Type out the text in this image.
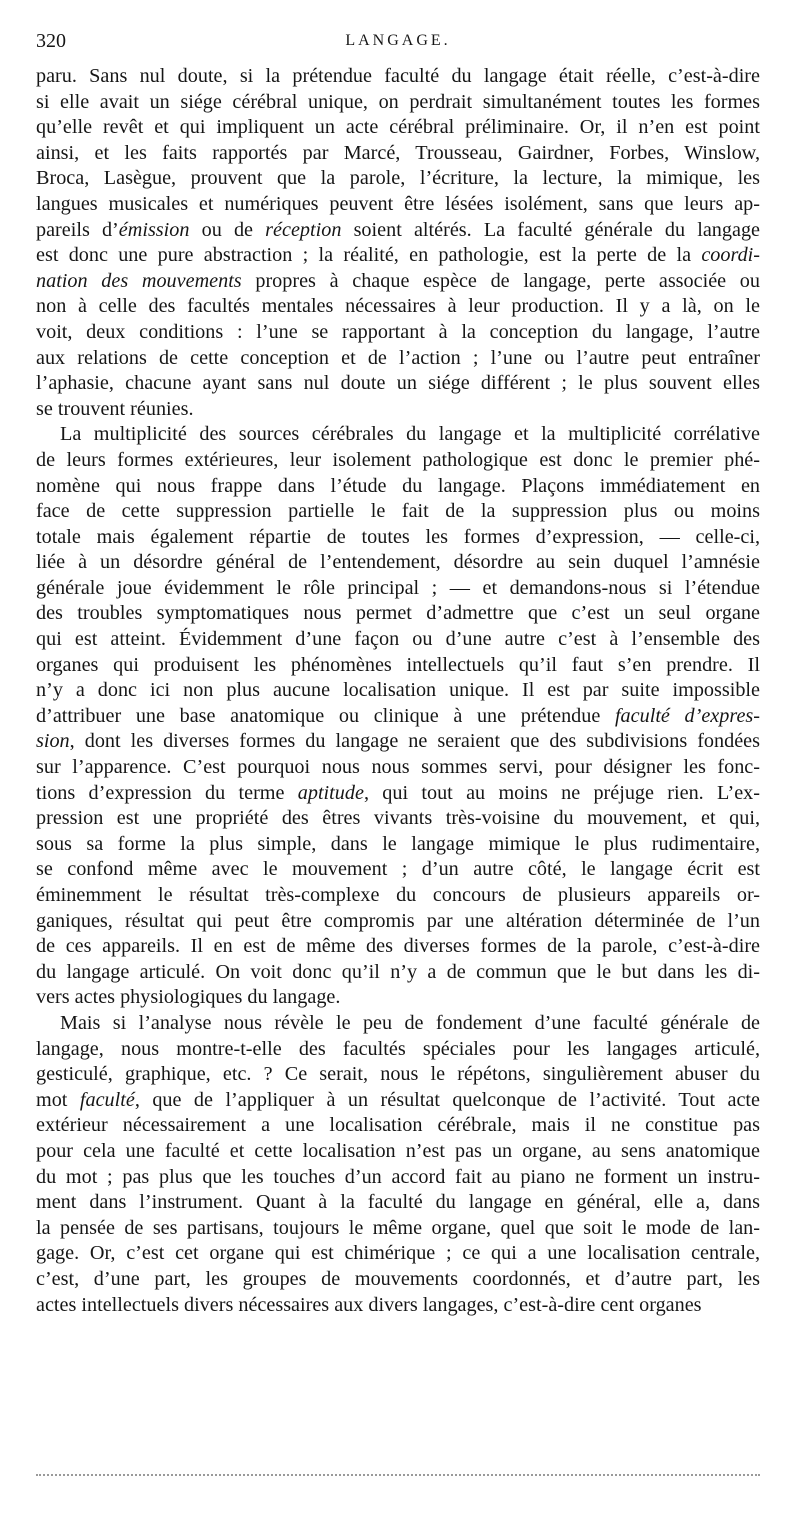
320	LANGAGE.
paru. Sans nul doute, si la prétendue faculté du langage était réelle, c’est-à-dire
si elle avait un siége cérébral unique, on perdrait simultanément toutes les formes
qu’elle revêt et qui impliquent un acte cérébral préliminaire. Or, il n’en est point
ainsi, et les faits rapportés par Marcé, Trousseau, Gairdner, Forbes, Winslow,
Broca, Lasègue, prouvent que la parole, l’écriture, la lecture, la mimique, les
langues musicales et numériques peuvent être lésées isolément, sans que leurs ap-
pareils d’émission ou de réception soient altérés. La faculté générale du langage
est donc une pure abstraction ; la réalité, en pathologie, est la perte de la coordi-
nation des mouvements propres à chaque espèce de langage, perte associée ou
non à celle des facultés mentales nécessaires à leur production. Il y a là, on le
voit, deux conditions : l’une se rapportant à la conception du langage, l’autre
aux relations de cette conception et de l’action ; l’une ou l’autre peut entraîner
l’aphasie, chacune ayant sans nul doute un siége différent ; le plus souvent elles
se trouvent réunies.
La multiplicité des sources cérébrales du langage et la multiplicité corrélative
de leurs formes extérieures, leur isolement pathologique est donc le premier phé-
nomène qui nous frappe dans l’étude du langage. Plaçons immédiatement en
face de cette suppression partielle le fait de la suppression plus ou moins
totale mais également répartie de toutes les formes d’expression, — celle-ci,
liée à un désordre général de l’entendement, désordre au sein duquel l’amnésie
générale joue évidemment le rôle principal ; — et demandons-nous si l’étendue
des troubles symptomatiques nous permet d’admettre que c’est un seul organe
qui est atteint. Évidemment d’une façon ou d’une autre c’est à l’ensemble des
organes qui produisent les phénomènes intellectuels qu’il faut s’en prendre. Il
n’y a donc ici non plus aucune localisation unique. Il est par suite impossible
d’attribuer une base anatomique ou clinique à une prétendue faculté d’expres-
sion, dont les diverses formes du langage ne seraient que des subdivisions fondées
sur l’apparence. C’est pourquoi nous nous sommes servi, pour désigner les fonc-
tions d’expression du terme aptitude, qui tout au moins ne préjuge rien. L’ex-
pression est une propriété des êtres vivants très-voisine du mouvement, et qui,
sous sa forme la plus simple, dans le langage mimique le plus rudimentaire,
se confond même avec le mouvement ; d’un autre côté, le langage écrit est
éminemment le résultat très-complexe du concours de plusieurs appareils or-
ganiques, résultat qui peut être compromis par une altération déterminée de l’un
de ces appareils. Il en est de même des diverses formes de la parole, c’est-à-dire
du langage articulé. On voit donc qu’il n’y a de commun que le but dans les di-
vers actes physiologiques du langage.
Mais si l’analyse nous révèle le peu de fondement d’une faculté générale de
langage, nous montre-t-elle des facultés spéciales pour les langages articulé,
gesticulé, graphique, etc. ? Ce serait, nous le répétons, singulièrement abuser du
mot faculté, que de l’appliquer à un résultat quelconque de l’activité. Tout acte
extérieur nécessairement a une localisation cérébrale, mais il ne constitue pas
pour cela une faculté et cette localisation n’est pas un organe, au sens anatomique
du mot ; pas plus que les touches d’un accord fait au piano ne forment un instru-
ment dans l’instrument. Quant à la faculté du langage en général, elle a, dans
la pensée de ses partisans, toujours le même organe, quel que soit le mode de lan-
gage. Or, c’est cet organe qui est chimérique ; ce qui a une localisation centrale,
c’est, d’une part, les groupes de mouvements coordonnés, et d’autre part, les
actes intellectuels divers nécessaires aux divers langages, c’est-à-dire cent organes
